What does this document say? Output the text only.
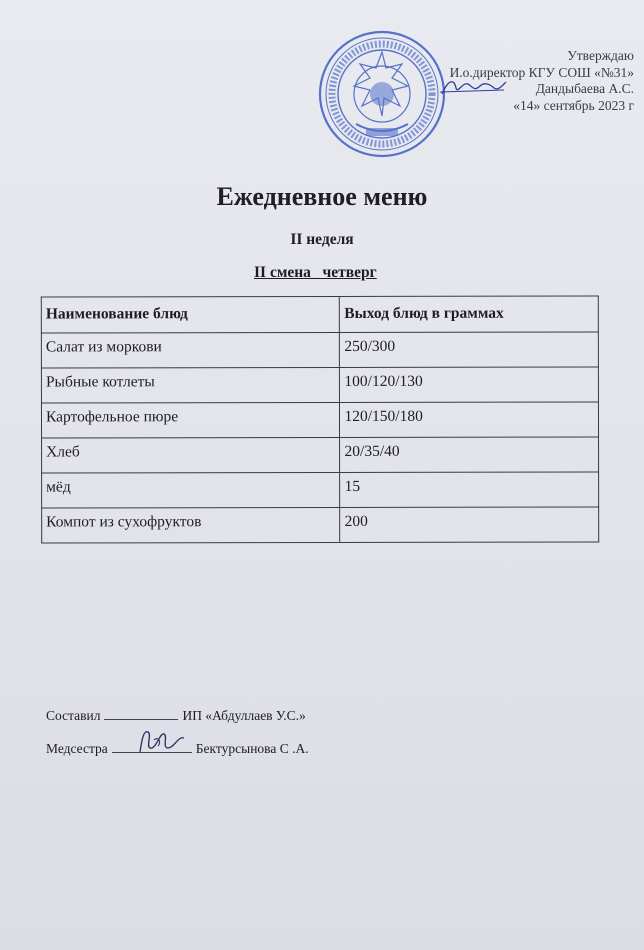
Утверждаю
И.о.директор КГУ СОШ «№31»
Дандыбаева А.С.
«14» сентябрь 2023 г
Ежедневное меню
II неделя
II смена   четверг
Наименование блюд	Выход блюд в граммах
Салат из моркови	250/300
Рыбные котлеты	100/120/130
Картофельное пюре	120/150/180
Хлеб	20/35/40
мёд	15
Компот из сухофруктов	200
Составил	ИП «Абдуллаев У.С.»
Медсестра	Бектурсынова С .А.
